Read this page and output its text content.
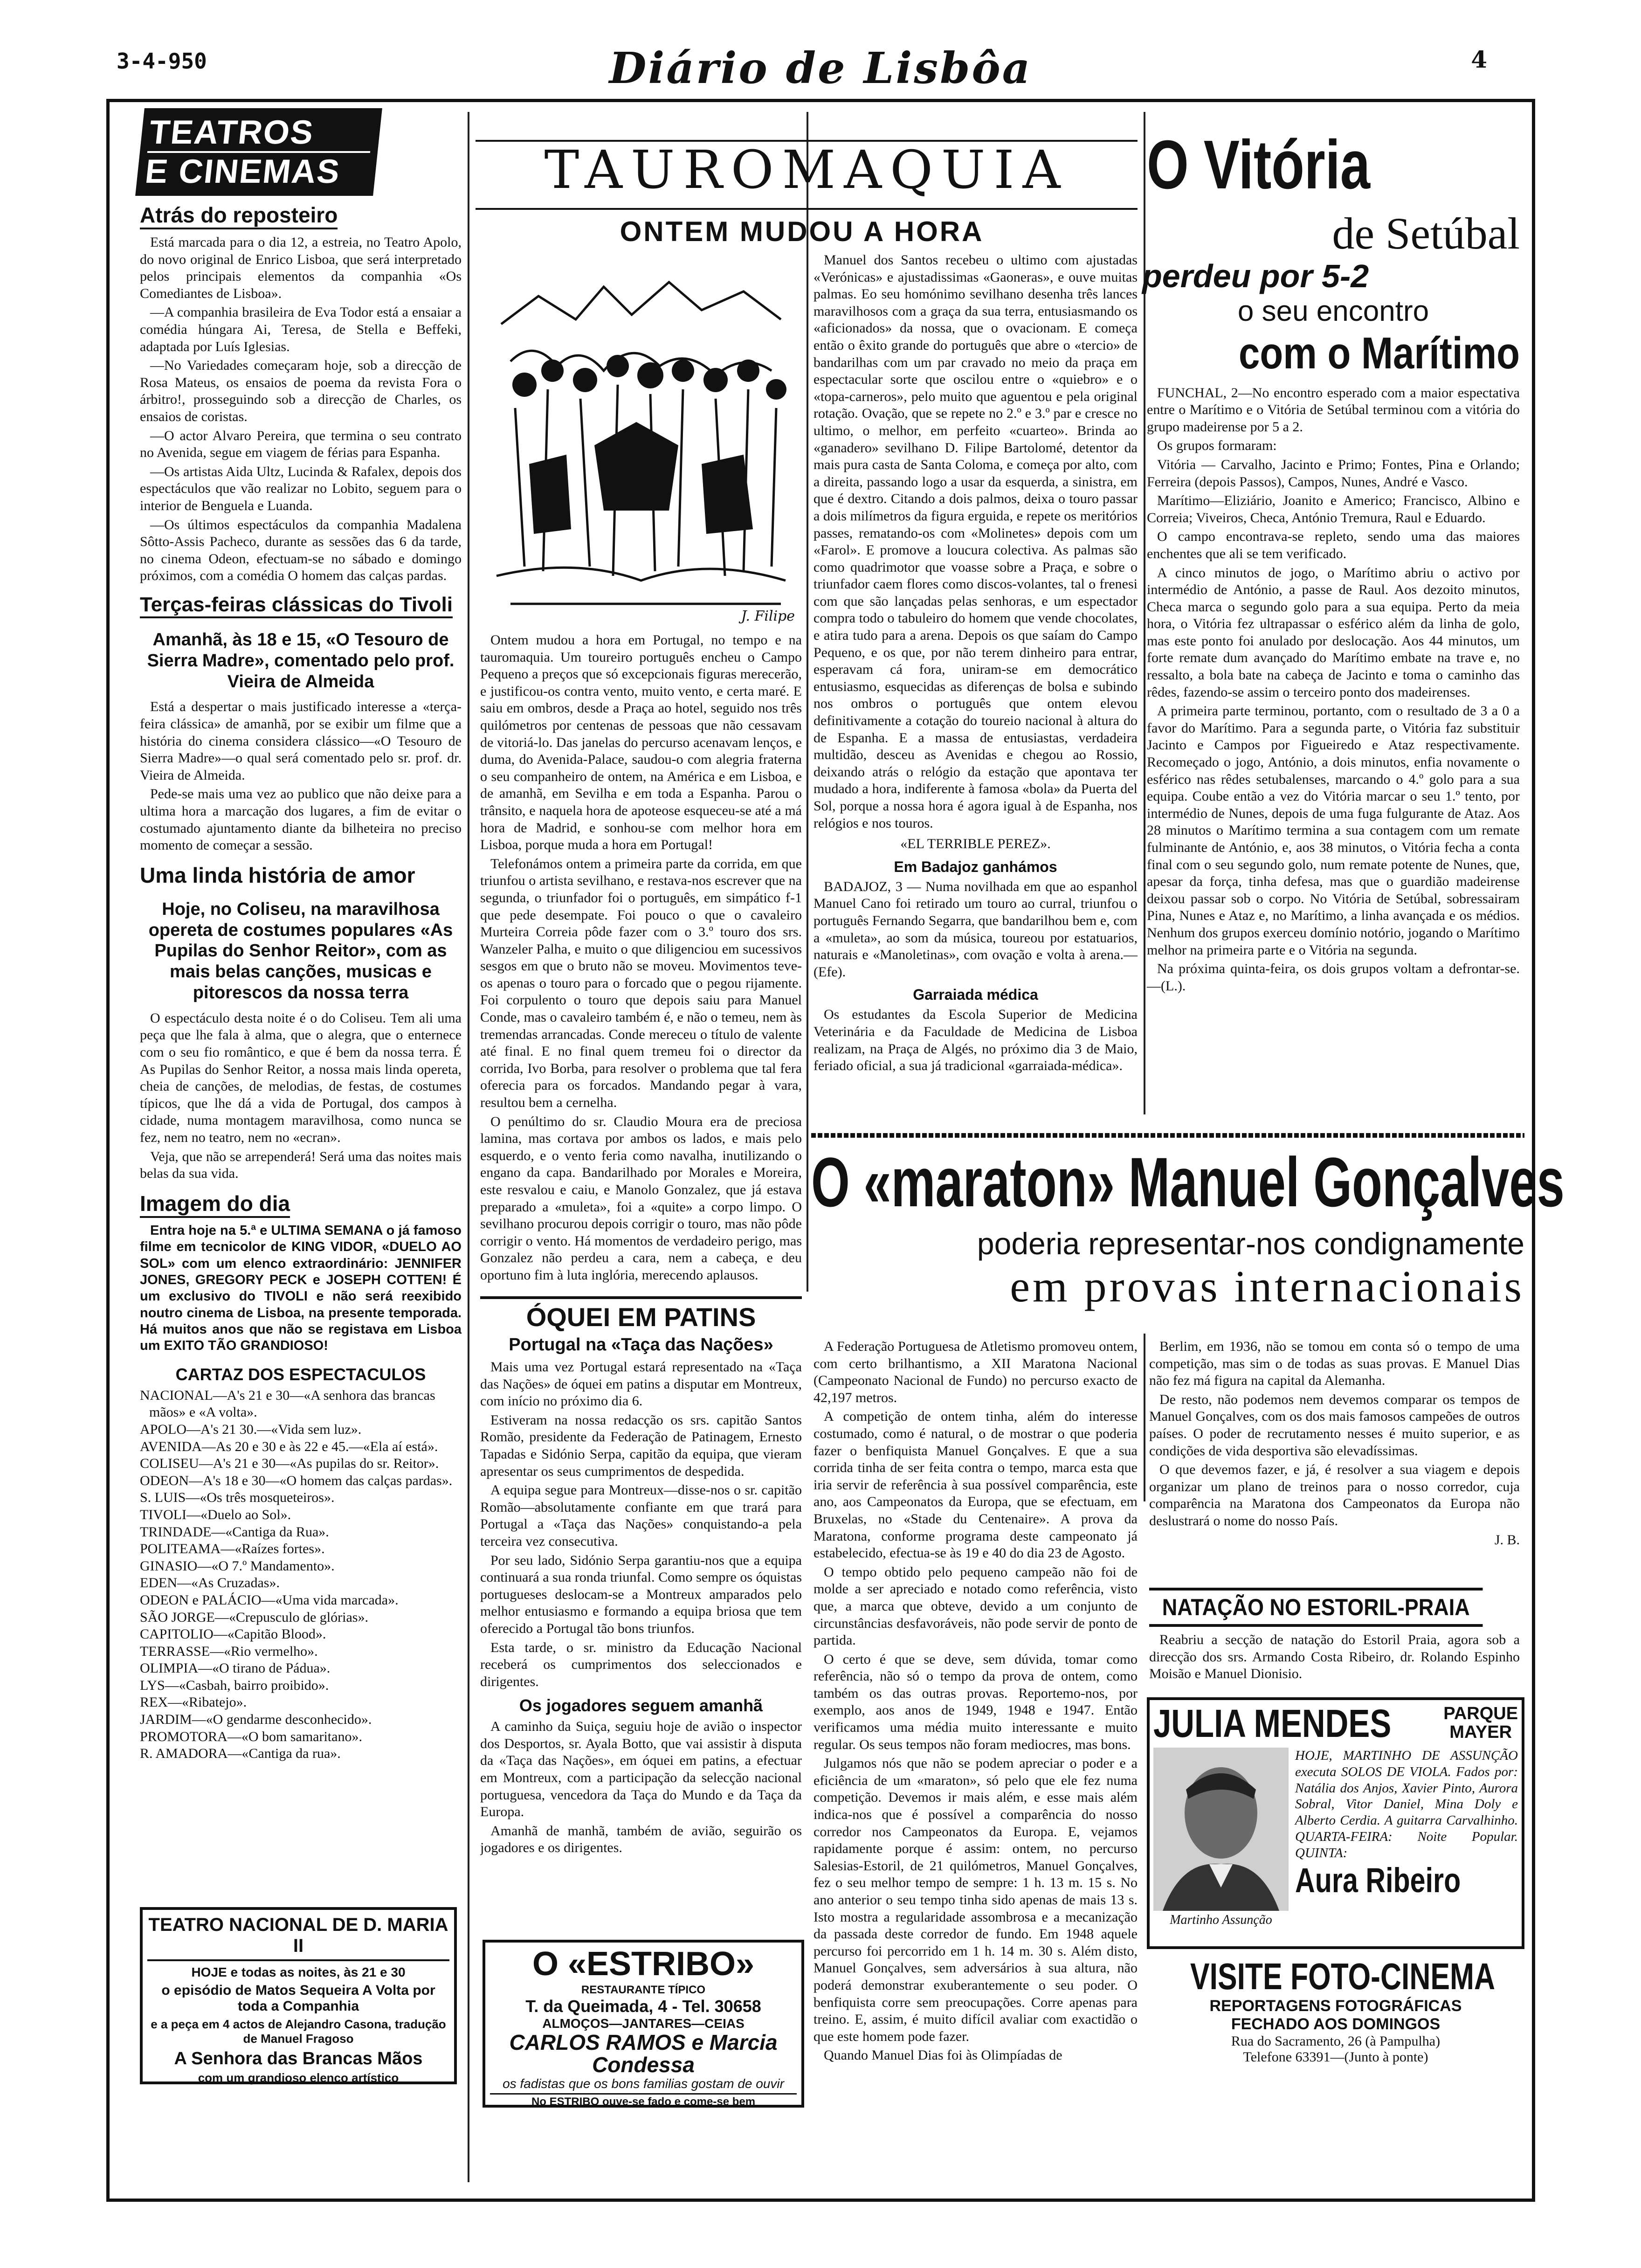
3-4-950	Diário de Lisbôa	4
TEATROS
E CINEMAS
Atrás do reposteiro

Está marcada para o dia 12, a estreia, no Teatro Apolo, do novo original de Enrico Lisboa, que será interpretado pelos principais elementos da companhia «Os Comediantes de Lisboa».

—A companhia brasileira de Eva Todor está a ensaiar a comédia húngara Ai, Teresa, de Stella e Beffeki, adaptada por Luís Iglesias.

—No Variedades começaram hoje, sob a direcção de Rosa Mateus, os ensaios de poema da revista Fora o árbitro!, prosseguindo sob a direcção de Charles, os ensaios de coristas.

—O actor Alvaro Pereira, que termina o seu contrato no Avenida, segue em viagem de férias para Espanha.

—Os artistas Aida Ultz, Lucinda & Rafalex, depois dos espectáculos que vão realizar no Lobito, seguem para o interior de Benguela e Luanda.

—Os últimos espectáculos da companhia Madalena Sôtto-Assis Pacheco, durante as sessões das 6 da tarde, no cinema Odeon, efectuam-se no sábado e domingo próximos, com a comédia O homem das calças pardas.

Terças-feiras clássicas do Tivoli
Amanhã, às 18 e 15, «O Tesouro de Sierra Madre», comentado pelo prof. Vieira de Almeida

Está a despertar o mais justificado interesse a «terça-feira clássica» de amanhã, por se exibir um filme que a história do cinema considera clássico—«O Tesouro de Sierra Madre»—o qual será comentado pelo sr. prof. dr. Vieira de Almeida.

Pede-se mais uma vez ao publico que não deixe para a ultima hora a marcação dos lugares, a fim de evitar o costumado ajuntamento diante da bilheteira no preciso momento de começar a sessão.

Uma linda história de amor
Hoje, no Coliseu, na maravilhosa opereta de costumes populares «As Pupilas do Senhor Reitor», com as mais belas canções, musicas e pitorescos da nossa terra

O espectáculo desta noite é o do Coliseu. Tem ali uma peça que lhe fala à alma, que o alegra, que o enternece com o seu fio romântico, e que é bem da nossa terra. É As Pupilas do Senhor Reitor, a nossa mais linda opereta, cheia de canções, de melodias, de festas, de costumes típicos, que lhe dá a vida de Portugal, dos campos à cidade, numa montagem maravilhosa, como nunca se fez, nem no teatro, nem no «ecran».

Veja, que não se arrependerá! Será uma das noites mais belas da sua vida.

Imagem do dia

Entra hoje na 5.ª e ULTIMA SEMANA o já famoso filme em tecnicolor de KING VIDOR, «DUELO AO SOL» com um elenco extraordinário: JENNIFER JONES, GREGORY PECK e JOSEPH COTTEN! É um exclusivo do TIVOLI e não será reexibido noutro cinema de Lisboa, na presente temporada. Há muitos anos que não se registava em Lisboa um EXITO TÃO GRANDIOSO!

CARTAZ DOS ESPECTACULOS
NACIONAL—A's 21 e 30—«A senhora das brancas mãos» e «A volta».
APOLO—A's 21 30.—«Vida sem luz».
AVENIDA—As 20 e 30 e às 22 e 45.—«Ela aí está».
COLISEU—A's 21 e 30—«As pupilas do sr. Reitor».
ODEON—A's 18 e 30—«O homem das calças pardas».
S. LUIS—«Os três mosqueteiros».
TIVOLI—«Duelo ao Sol».
TRINDADE—«Cantiga da Rua».
POLITEAMA—«Raízes fortes».
GINASIO—«O 7.º Mandamento».
EDEN—«As Cruzadas».
ODEON e PALÁCIO—«Uma vida marcada».
SÃO JORGE—«Crepusculo de glórias».
CAPITOLIO—«Capitão Blood».
TERRASSE—«Rio vermelho».
OLIMPIA—«O tirano de Pádua».
LYS—«Casbah, bairro proibido».
REX—«Ribatejo».
JARDIM—«O gendarme desconhecido».
PROMOTORA—«O bom samaritano».
R. AMADORA—«Cantiga da rua».
TEATRO NACIONAL DE D. MARIA II
HOJE e todas as noites, às 21 e 30
o episódio de Matos Sequeira A Volta por toda a Companhia
e a peça em 4 actos de Alejandro Casona, tradução de Manuel Fragoso
A Senhora das Brancas Mãos
com um grandioso elenco artístico
TAUROMAQUIA
ONTEM MUDOU A HORA
J. Filipe

Ontem mudou a hora em Portugal, no tempo e na tauromaquia. Um toureiro português encheu o Campo Pequeno a preços que só excepcionais figuras merecerão, e justificou-os contra vento, muito vento, e certa maré. E saiu em ombros, desde a Praça ao hotel, seguido nos três quilómetros por centenas de pessoas que não cessavam de vitoriá-lo. Das janelas do percurso acenavam lenços, e duma, do Avenida-Palace, saudou-o com alegria fraterna o seu companheiro de ontem, na América e em Lisboa, e de amanhã, em Sevilha e em toda a Espanha. Parou o trânsito, e naquela hora de apoteose esqueceu-se até a má hora de Madrid, e sonhou-se com melhor hora em Lisboa, porque muda a hora em Portugal!

Telefonámos ontem a primeira parte da corrida, em que triunfou o artista sevilhano, e restava-nos escrever que na segunda, o triunfador foi o português, em simpático f-1 que pede desempate. Foi pouco o que o cavaleiro Murteira Correia pôde fazer com o 3.º touro dos srs. Wanzeler Palha, e muito o que diligenciou em sucessivos sesgos em que o bruto não se moveu. Movimentos teve-os apenas o touro para o forcado que o pegou rijamente. Foi corpulento o touro que depois saiu para Manuel Conde, mas o cavaleiro também é, e não o temeu, nem às tremendas arrancadas. Conde mereceu o título de valente até final. E no final quem tremeu foi o director da corrida, Ivo Borba, para resolver o problema que tal fera oferecia para os forcados. Mandando pegar à vara, resultou bem a cernelha.

O penúltimo do sr. Claudio Moura era de preciosa lamina, mas cortava por ambos os lados, e mais pelo esquerdo, e o vento feria como navalha, inutilizando o engano da capa. Bandarilhado por Morales e Moreira, este resvalou e caiu, e Manolo Gonzalez, que já estava preparado a «muleta», foi a «quite» a corpo limpo. O sevilhano procurou depois corrigir o touro, mas não pôde corrigir o vento. Há momentos de verdadeiro perigo, mas Gonzalez não perdeu a cara, nem a cabeça, e deu oportuno fim à luta inglória, merecendo aplausos.

Manuel dos Santos recebeu o ultimo com ajustadas «Verónicas» e ajustadissimas «Gaoneras», e ouve muitas palmas. Eo seu homónimo sevilhano desenha três lances maravilhosos com a graça da sua terra, entusiasmando os «aficionados» da nossa, que o ovacionam. E começa então o êxito grande do português que abre o «tercio» de bandarilhas com um par cravado no meio da praça em espectacular sorte que oscilou entre o «quiebro» e o «topa-carneros», pelo muito que aguentou e pela original rotação. Ovação, que se repete no 2.º e 3.º par e cresce no ultimo, o melhor, em perfeito «cuarteo». Brinda ao «ganadero» sevilhano D. Filipe Bartolomé, detentor da mais pura casta de Santa Coloma, e começa por alto, com a direita, passando logo a usar da esquerda, a sinistra, em que é dextro. Citando a dois palmos, deixa o touro passar a dois milímetros da figura erguida, e repete os meritórios passes, rematando-os com «Molinetes» depois com um «Farol». E promove a loucura colectiva. As palmas são como quadrimotor que voasse sobre a Praça, e sobre o triunfador caem flores como discos-volantes, tal o frenesi com que são lançadas pelas senhoras, e um espectador compra todo o tabuleiro do homem que vende chocolates, e atira tudo para a arena. Depois os que saíam do Campo Pequeno, e os que, por não terem dinheiro para entrar, esperavam cá fora, uniram-se em democrático entusiasmo, esquecidas as diferenças de bolsa e subindo nos ombros o português que ontem elevou definitivamente a cotação do toureio nacional à altura do de Espanha. E a massa de entusiastas, verdadeira multidão, desceu as Avenidas e chegou ao Rossio, deixando atrás o relógio da estação que apontava ter mudado a hora, indiferente à famosa «bola» da Puerta del Sol, porque a nossa hora é agora igual à de Espanha, nos relógios e nos touros.

«EL TERRIBLE PEREZ».
Em Badajoz ganhámos

BADAJOZ, 3 — Numa novilhada em que ao espanhol Manuel Cano foi retirado um touro ao curral, triunfou o português Fernando Segarra, que bandarilhou bem e, com a «muleta», ao som da música, toureou por estatuarios, naturais e «Manoletinas», com ovação e volta à arena.—(Efe).

Garraiada médica

Os estudantes da Escola Superior de Medicina Veterinária e da Faculdade de Medicina de Lisboa realizam, na Praça de Algés, no próximo dia 3 de Maio, feriado oficial, a sua já tradicional «garraiada-médica».

ÓQUEI EM PATINS
Portugal na «Taça das Nações»

Mais uma vez Portugal estará representado na «Taça das Nações» de óquei em patins a disputar em Montreux, com início no próximo dia 6.

Estiveram na nossa redacção os srs. capitão Santos Romão, presidente da Federação de Patinagem, Ernesto Tapadas e Sidónio Serpa, capitão da equipa, que vieram apresentar os seus cumprimentos de despedida.

A equipa segue para Montreux—disse-nos o sr. capitão Romão—absolutamente confiante em que trará para Portugal a «Taça das Nações» conquistando-a pela terceira vez consecutiva.

Por seu lado, Sidónio Serpa garantiu-nos que a equipa continuará a sua ronda triunfal. Como sempre os óquistas portugueses deslocam-se a Montreux amparados pelo melhor entusiasmo e formando a equipa briosa que tem oferecido a Portugal tão bons triunfos.

Esta tarde, o sr. ministro da Educação Nacional receberá os cumprimentos dos seleccionados e dirigentes.

Os jogadores seguem amanhã

A caminho da Suiça, seguiu hoje de avião o inspector dos Desportos, sr. Ayala Botto, que vai assistir à disputa da «Taça das Nações», em óquei em patins, a efectuar em Montreux, com a participação da selecção nacional portuguesa, vencedora da Taça do Mundo e da Taça da Europa.

Amanhã de manhã, também de avião, seguirão os jogadores e os dirigentes.

O «ESTRIBO»
RESTAURANTE TÍPICO
T. da Queimada, 4 - Tel. 30658
ALMOÇOS—JANTARES—CEIAS
CARLOS RAMOS e Marcia Condessa
os fadistas que os bons familias gostam de ouvir
No ESTRIBO ouve-se fado e come-se bem
O Vitória
de Setúbal
perdeu por 5-2
o seu encontro
com o Marítimo

FUNCHAL, 2—No encontro esperado com a maior espectativa entre o Marítimo e o Vitória de Setúbal terminou com a vitória do grupo madeirense por 5 a 2.

Os grupos formaram:

Vitória — Carvalho, Jacinto e Primo; Fontes, Pina e Orlando; Ferreira (depois Passos), Campos, Nunes, André e Vasco.

Marítimo—Eliziário, Joanito e Americo; Francisco, Albino e Correia; Viveiros, Checa, António Tremura, Raul e Eduardo.

O campo encontrava-se repleto, sendo uma das maiores enchentes que ali se tem verificado.

A cinco minutos de jogo, o Marítimo abriu o activo por intermédio de António, a passe de Raul. Aos dezoito minutos, Checa marca o segundo golo para a sua equipa. Perto da meia hora, o Vitória fez ultrapassar o esférico além da linha de golo, mas este ponto foi anulado por deslocação. Aos 44 minutos, um forte remate dum avançado do Marítimo embate na trave e, no ressalto, a bola bate na cabeça de Jacinto e toma o caminho das rêdes, fazendo-se assim o terceiro ponto dos madeirenses.

A primeira parte terminou, portanto, com o resultado de 3 a 0 a favor do Marítimo. Para a segunda parte, o Vitória faz substituir Jacinto e Campos por Figueiredo e Ataz respectivamente. Recomeçado o jogo, António, a dois minutos, enfia novamente o esférico nas rêdes setubalenses, marcando o 4.º golo para a sua equipa. Coube então a vez do Vitória marcar o seu 1.º tento, por intermédio de Nunes, depois de uma fuga fulgurante de Ataz. Aos 28 minutos o Marítimo termina a sua contagem com um remate fulminante de António, e, aos 38 minutos, o Vitória fecha a conta final com o seu segundo golo, num remate potente de Nunes, que, apesar da força, tinha defesa, mas que o guardião madeirense deixou passar sob o corpo. No Vitória de Setúbal, sobressairam Pina, Nunes e Ataz e, no Marítimo, a linha avançada e os médios. Nenhum dos grupos exerceu domínio notório, jogando o Marítimo melhor na primeira parte e o Vitória na segunda.

Na próxima quinta-feira, os dois grupos voltam a defrontar-se.—(L.).

O «maraton» Manuel Gonçalves
poderia representar-nos condignamente
em provas internacionais

A Federação Portuguesa de Atletismo promoveu ontem, com certo brilhantismo, a XII Maratona Nacional (Campeonato Nacional de Fundo) no percurso exacto de 42,197 metros.

A competição de ontem tinha, além do interesse costumado, como é natural, o de mostrar o que poderia fazer o benfiquista Manuel Gonçalves. E que a sua corrida tinha de ser feita contra o tempo, marca esta que iria servir de referência à sua possível comparência, este ano, aos Campeonatos da Europa, que se efectuam, em Bruxelas, no «Stade du Centenaire». A prova da Maratona, conforme programa deste campeonato já estabelecido, efectua-se às 19 e 40 do dia 23 de Agosto.

O tempo obtido pelo pequeno campeão não foi de molde a ser apreciado e notado como referência, visto que, a marca que obteve, devido a um conjunto de circunstâncias desfavoráveis, não pode servir de ponto de partida.

O certo é que se deve, sem dúvida, tomar como referência, não só o tempo da prova de ontem, como também os das outras provas. Reportemo-nos, por exemplo, aos anos de 1949, 1948 e 1947. Então verificamos uma média muito interessante e muito regular. Os seus tempos não foram mediocres, mas bons.

Julgamos nós que não se podem apreciar o poder e a eficiência de um «maraton», só pelo que ele fez numa competição. Devemos ir mais além, e esse mais além indica-nos que é possível a comparência do nosso corredor nos Campeonatos da Europa. E, vejamos rapidamente porque é assim: ontem, no percurso Salesias-Estoril, de 21 quilómetros, Manuel Gonçalves, fez o seu melhor tempo de sempre: 1 h. 13 m. 15 s. No ano anterior o seu tempo tinha sido apenas de mais 13 s. Isto mostra a regularidade assombrosa e a mecanização da passada deste corredor de fundo. Em 1948 aquele percurso foi percorrido em 1 h. 14 m. 30 s. Além disto, Manuel Gonçalves, sem adversários à sua altura, não poderá demonstrar exuberantemente o seu poder. O benfiquista corre sem preocupações. Corre apenas para treino. E, assim, é muito difícil avaliar com exactidão o que este homem pode fazer.

Quando Manuel Dias foi às Olimpíadas de

Berlim, em 1936, não se tomou em conta só o tempo de uma competição, mas sim o de todas as suas provas. E Manuel Dias não fez má figura na capital da Alemanha.

De resto, não podemos nem devemos comparar os tempos de Manuel Gonçalves, com os dos mais famosos campeões de outros países. O poder de recrutamento nesses é muito superior, e as condições de vida desportiva são elevadíssimas.

O que devemos fazer, e já, é resolver a sua viagem e depois organizar um plano de treinos para o nosso corredor, cuja comparência na Maratona dos Campeonatos da Europa não deslustrará o nome do nosso País.

J. B.
NATAÇÃO NO ESTORIL-PRAIA

Reabriu a secção de natação do Estoril Praia, agora sob a direcção dos srs. Armando Costa Ribeiro, dr. Rolando Espinho Moisão e Manuel Dionisio.

JULIA MENDES	PARQUE MAYER
Martinho Assunção
HOJE, MARTINHO DE ASSUNÇÃO executa SOLOS DE VIOLA. Fados por: Natália dos Anjos, Xavier Pinto, Aurora Sobral, Vitor Daniel, Mina Doly e Alberto Cerdia. A guitarra Carvalhinho. QUARTA-FEIRA: Noite Popular. QUINTA:
Aura Ribeiro
VISITE FOTO-CINEMA
REPORTAGENS FOTOGRÁFICAS
FECHADO AOS DOMINGOS
Rua do Sacramento, 26 (à Pampulha)
Telefone 63391—(Junto à ponte)
